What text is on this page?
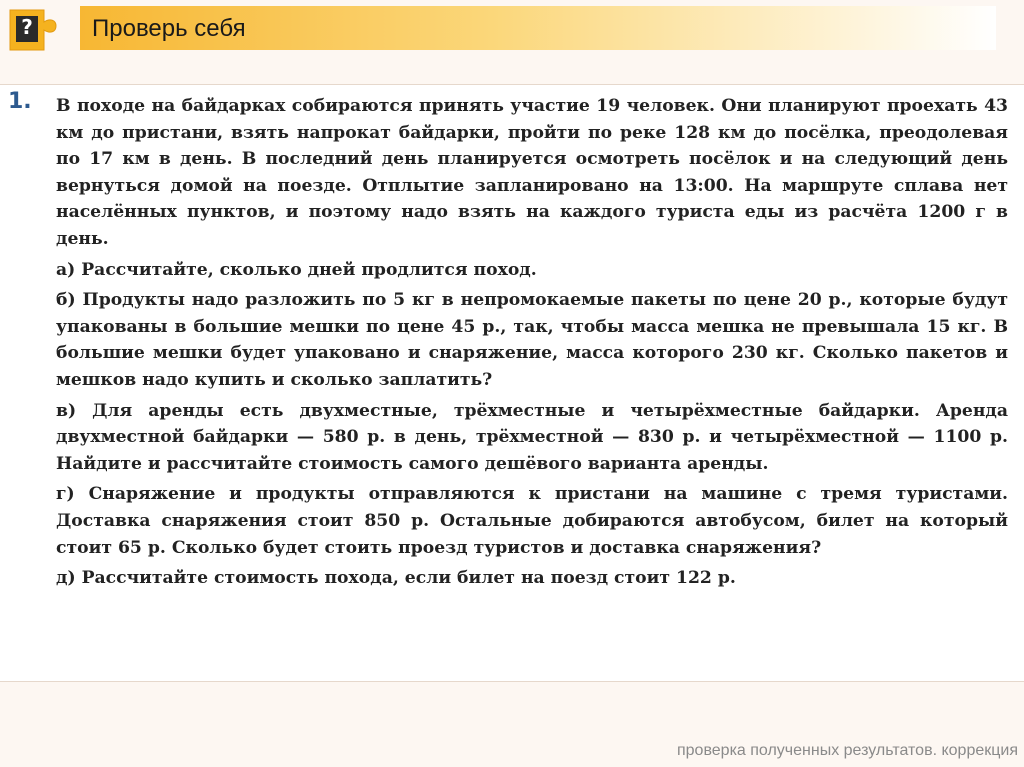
? Проверь себя
1. В походе на байдарках собираются принять участие 19 человек. Они планируют проехать 43 км до пристани, взять напрокат байдарки, пройти по реке 128 км до посёлка, преодолевая по 17 км в день. В последний день планируется осмотреть посёлок и на следующий день вернуться домой на поезде. Отплытие запланировано на 13:00. На маршруте сплава нет населённых пунктов, и поэтому надо взять на каждого туриста еды из расчёта 1200 г в день.

а) Рассчитайте, сколько дней продлится поход.

б) Продукты надо разложить по 5 кг в непромокаемые пакеты по цене 20 р., которые будут упакованы в большие мешки по цене 45 р., так, чтобы масса мешка не превышала 15 кг. В большие мешки будет упаковано и снаряжение, масса которого 230 кг. Сколько пакетов и мешков надо купить и сколько заплатить?

в) Для аренды есть двухместные, трёхместные и четырёхместные байдарки. Аренда двухместной байдарки — 580 р. в день, трёхместной — 830 р. и четырёхместной — 1100 р. Найдите и рассчитайте стоимость самого дешёвого варианта аренды.

г) Снаряжение и продукты отправляются к пристани на машине с тремя туристами. Доставка снаряжения стоит 850 р. Остальные добираются автобусом, билет на который стоит 65 р. Сколько будет стоить проезд туристов и доставка снаряжения?

д) Рассчитайте стоимость похода, если билет на поезд стоит 122 р.

проверка полученных результатов. коррекция
